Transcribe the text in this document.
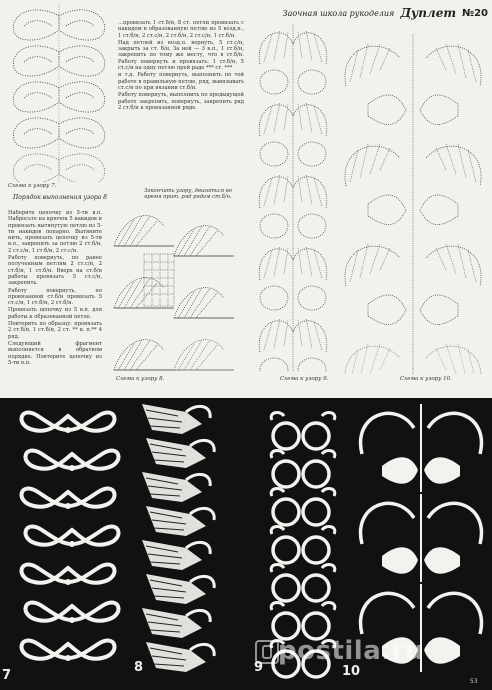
Заочная школа рукоделия Дуплет №20
Схема к узору 7.
Порядок выполнения узора 8

Наберите цепочку из 5-ти в.п. Набросьте на крючок 5 накидов и провязать вытянутую петлю из 5-ти накидов попарно. Вытяните нить, провязать цепочку из 5-ти в.п., закрепить за петлю 2 ст.б/н, 2 ст.с/н, 1 ст.б/н, 2 ст.с/н.

Работу повернуть, по ранее полученным петлям 2 ст.с/н, 2 ст.б/н, 1 ст.б/н. Вверх на ст.б/н работы провязать 5 ст.с/н, закрепить.

Работу повернуть, по провязанной ст.б/н провязать 5 ст.с/н, 1 ст.б/н, 2 ст.б/н.

Провязать цепочку из 5 в.п. для работы к образованной петле.

Повторить по образцу: провязать 2 ст.б/н, 1 ст.б/н, 2 ст. ** в. п.** 4 ряд.

Следующий фрагмент выполняется в обратном порядке. Повторите цепочку из 5-ти в.п.

...провязать 1 ст.б/н, 8 ст. петли провязать с накидом в образованную петлю из 5 возд.п., 1 ст.б/н, 2 ст.с/н, 2 ст.б/н, 2 ст.с/н, 1 ст.б/н.

Над петлей из возд.п. вернуть, 5 ст.с/н, закрыть за ст. б/н. За ней — 3 в.п., 1 ст.б/н, закрепить по тому же месту, что в ст.б/н. Работу повернуть и провязать: 1 ст.б/н, 5 ст.с/н на одну петлю прей раде *** ст. ***

и т.д. Работу повернуть, выполнить по той работе в правильную петлю, ряд, вывязывать ст.с/н по при вязании ст.б/н.

Работу повернуть, выполнить по предыдущей работе закрепить, повернуть, закрепить ряд 2 ст.б/н к провязанной ряде.

Закончить узору, двигаться во время прит. ряд рядом ст.б/н.

Схема к узору 8.	Схема к узору 9.	Схема к узору 10.
7
8	9	10
53
postila.ru
